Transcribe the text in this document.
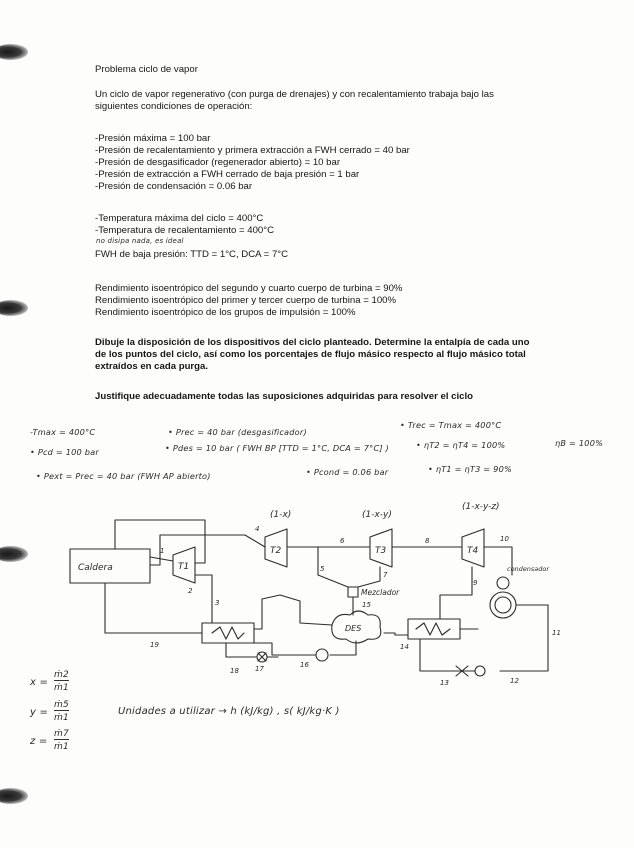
Problema ciclo de vapor
Un ciclo de vapor regenerativo (con purga de drenajes) y con recalentamiento trabaja bajo las
siguientes condiciones de operación:
-Presión máxima = 100 bar
-Presión de recalentamiento y primera extracción a FWH cerrado = 40 bar
-Presión de desgasificador (regenerador abierto) = 10 bar
-Presión de extracción a FWH cerrado de baja presión = 1 bar
-Presión de condensación = 0.06 bar
-Temperatura máxima del ciclo = 400°C
-Temperatura de recalentamiento = 400°C
no disipa nada, es ideal
FWH de baja presión: TTD = 1°C, DCA = 7°C
Rendimiento isoentrópico del segundo y cuarto cuerpo de turbina = 90%
Rendimiento isoentrópico del primer y tercer cuerpo de turbina = 100%
Rendimiento isoentrópico de los grupos de impulsión = 100%
Dibuje la disposición de los dispositivos del ciclo planteado. Determine la entalpía de cada uno
de los puntos del ciclo, así como los porcentajes de flujo másico respecto al flujo másico total
extraídos en cada purga.
Justifique adecuadamente todas las suposiciones adquiridas para resolver el ciclo
-Tmax = 400°C	• Prec = 40 bar (desgasificador)
• Trec = Tmax = 400°C
• Pcd = 100 bar	• Pdes = 10 bar ( FWH BP [TTD = 1°C, DCA = 7°C] )	• ηT2 = ηT4 = 100%	ηB = 100%
• Pext = Prec = 40 bar (FWH AP abierto)	• Pcond = 0.06 bar	• ηT1 = ηT3 = 90%
Caldera	T1
T2	T3	T4
(1-x)	(1-x-y)
(1-x-y-z)
Mezclador
DES
condensador
1
2
3
4
5
6
7
8
9
10
11
12
13
14
15
16
17
18
19
x =
ṁ2
ṁ1
y =
ṁ5
ṁ1
z =
ṁ7
ṁ1
Unidades a utilizar → h (kJ/kg) , s( kJ/kg·K )
